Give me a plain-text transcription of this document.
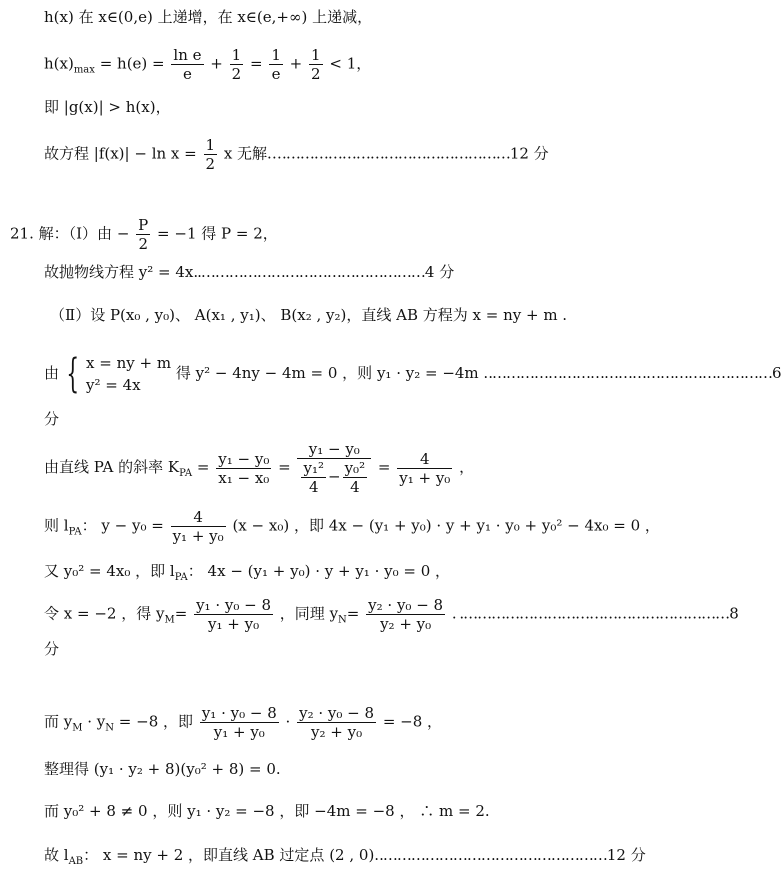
h(x) 在 x∈(0,e) 上递增，在 x∈(e,+∞) 上递减，
$h(x)_{max} = h(e) = \frac{\text{ln e}}{e} + \frac{1}{2} = \frac{1}{e} + \frac{1}{2} < 1$，
即 |g(x)| > h(x)，
故方程 $|f(x)| - \ln x = \frac{1}{2}$ x 无解.……………………………………………12 分
21. 解：（Ⅰ）由 − $\frac{P}{2} = -1$ 得 P = 2，
故抛物线方程 y² = 4x..…………………………………………4 分
（Ⅱ）设 P(x₀ , y₀)、 A(x₁ , y₁)、 B(x₂ , y₂)，直线 AB 方程为 x = ny + m .
由 { x = ny + m
y² = 4x
得 y² − 4ny − 4m = 0 ，则 y₁ · y₂ = −4m ..……………………………………………………6
分
由直线 PA 的斜率 $K_{PA} = \frac{\text{y₁ − y₀}}{\text{x₁ − x₀}} = \frac{\text{y₁ − y₀}}{\frac{\text{y₁²}}{4} - \frac{\text{y₀²}}{4}} = \frac{4}{\text{y₁ + y₀}}$ ，
则 $l_{PA}$： $y - y_0 = \frac{4}{\text{y₁ + y₀}} (x - x_0)$ ，即 4x − (y₁ + y₀) · y + y₁ · y₀ + y₀² − 4x₀ = 0 ，
又 y₀² = 4x₀ ，即 $l_{PA}$： 4x − (y₁ + y₀) · y + y₁ · y₀ = 0 ，
令 x = −2 ，得 $y_M= \frac{\text{y₁ · y₀ − 8}}{\text{y₁ + y₀}}$ ，同理 $y_N= \frac{\text{y₂ · y₀ − 8}}{\text{y₂ + y₀}}$ . .…………………………………………………8
分
而 $y_M \cdot y_N = -8$ ，即 $\frac{\text{y₁ · y₀ − 8}}{\text{y₁ + y₀}} \cdot \frac{\text{y₂ · y₀ − 8}}{\text{y₂ + y₀}} = -8$ ，
整理得 (y₁ · y₂ + 8)(y₀² + 8) = 0.
而 y₀² + 8 ≠ 0 ，则 y₁ · y₂ = −8 ，即 −4m = −8 ， ∴ m = 2.
故 $l_{AB}$： x = ny + 2 ，即直线 AB 过定点 (2 , 0)..…………………………………………12 分
